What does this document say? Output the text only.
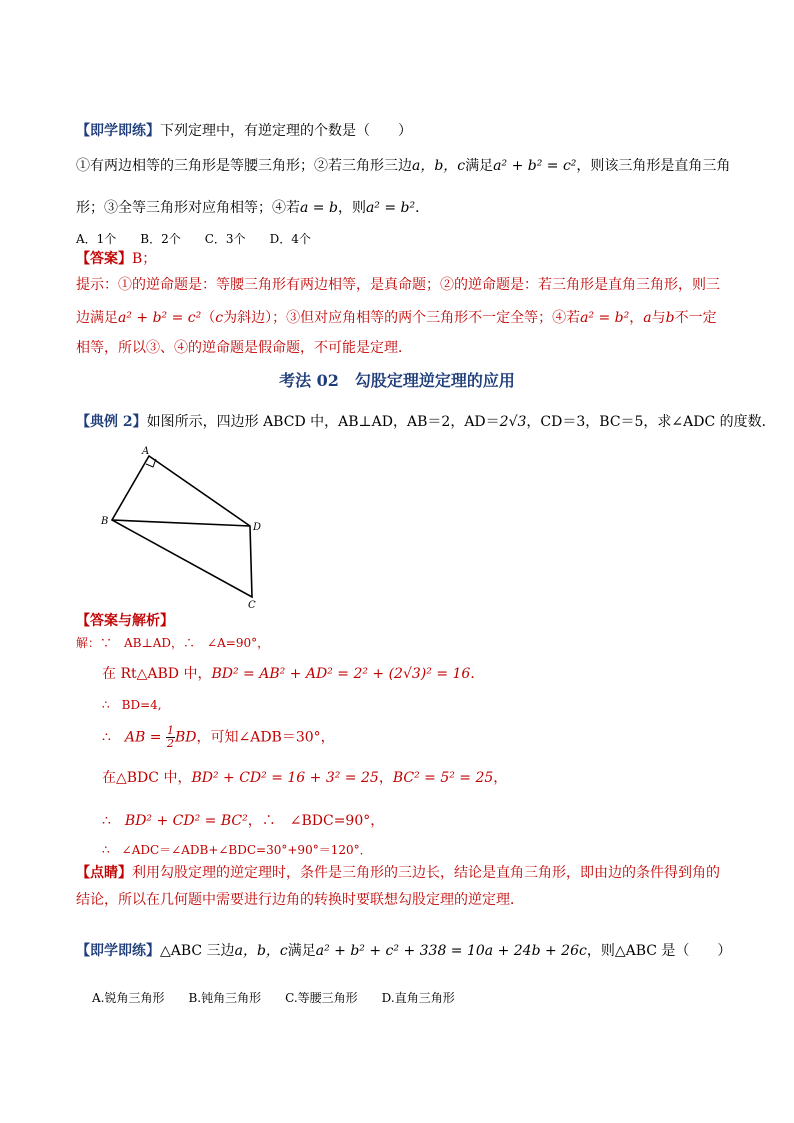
【即学即练】下列定理中，有逆定理的个数是（　　）
①有两边相等的三角形是等腰三角形；②若三角形三边a，b，c满足a² + b² = c²，则该三角形是直角三角
形；③全等三角形对应角相等；④若a = b，则a² = b²．
A．1个　　B．2个　　C．3个　　D．4个
【答案】B；
提示：①的逆命题是：等腰三角形有两边相等，是真命题；②的逆命题是：若三角形是直角三角形，则三
边满足a² + b² = c²（c为斜边）；③但对应角相等的两个三角形不一定全等；④若a² = b²，a与b不一定
相等，所以③、④的逆命题是假命题，不可能是定理．
考法 02　勾股定理逆定理的应用
【典例 2】如图所示，四边形 ABCD 中，AB⊥AD，AB＝2，AD＝2√3，CD＝3，BC＝5，求∠ADC 的度数．
A
B
D
C
【答案与解析】
解：∵　AB⊥AD，∴　∠A=90°，
在 Rt△ABD 中，BD² = AB² + AD² = 2² + (2√3)² = 16．
∴　BD=4,
∴　AB = $\frac{1}{2}$ BD，可知∠ADB＝30°，
在△BDC 中，BD² + CD² = 16 + 3² = 25，BC² = 5² = 25，
∴　BD² + CD² = BC²，∴　∠BDC=90°，
∴　∠ADC＝∠ADB+∠BDC=30°+90°＝120°．
【点睛】利用勾股定理的逆定理时，条件是三角形的三边长，结论是直角三角形，即由边的条件得到角的
结论，所以在几何题中需要进行边角的转换时要联想勾股定理的逆定理．
【即学即练】△ABC 三边a，b，c满足a² + b² + c² + 338 = 10a + 24b + 26c，则△ABC 是（　　）
A.锐角三角形　　B.钝角三角形　　C.等腰三角形　　D.直角三角形
